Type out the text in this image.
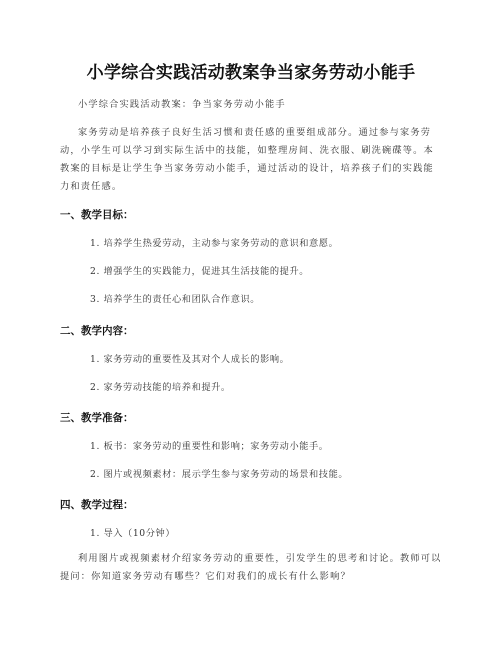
小学综合实践活动教案争当家务劳动小能手
小学综合实践活动教案：争当家务劳动小能手
家务劳动是培养孩子良好生活习惯和责任感的重要组成部分。通过参与家务劳动，小学生可以学习到实际生活中的技能，如整理房间、洗衣服、刷洗碗碟等。本教案的目标是让学生争当家务劳动小能手，通过活动的设计，培养孩子们的实践能力和责任感。
一、教学目标：
1. 培养学生热爱劳动，主动参与家务劳动的意识和意愿。
2. 增强学生的实践能力，促进其生活技能的提升。
3. 培养学生的责任心和团队合作意识。
二、教学内容：
1. 家务劳动的重要性及其对个人成长的影响。
2. 家务劳动技能的培养和提升。
三、教学准备：
1. 板书：家务劳动的重要性和影响；家务劳动小能手。
2. 图片或视频素材：展示学生参与家务劳动的场景和技能。
四、教学过程：
1. 导入（10分钟）
利用图片或视频素材介绍家务劳动的重要性，引发学生的思考和讨论。教师可以提问：你知道家务劳动有哪些？它们对我们的成长有什么影响？
